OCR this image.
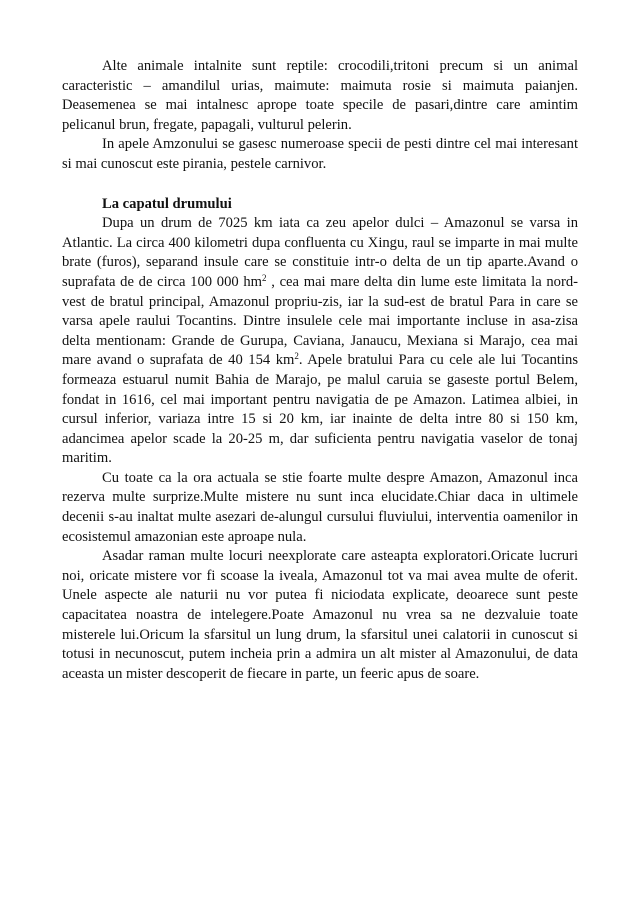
Alte animale intalnite sunt reptile: crocodili,tritoni precum si un animal caracteristic – amandilul urias, maimute: maimuta rosie si maimuta paianjen. Deasemenea se mai intalnesc aprope toate specile de pasari,dintre care amintim pelicanul brun, fregate, papagali, vulturul pelerin.

In apele Amzonului se gasesc numeroase specii de pesti dintre cel mai interesant si mai cunoscut este pirania, pestele carnivor.

La capatul drumului

Dupa un drum de 7025 km iata ca zeu apelor dulci – Amazonul se varsa in Atlantic. La circa 400 kilometri dupa confluenta cu Xingu, raul se imparte in mai multe brate (furos), separand insule care se constituie intr-o delta de un tip aparte.Avand o suprafata de de circa 100 000 $hm^2$ , cea mai mare delta din lume este limitata la nord-vest de bratul principal, Amazonul propriu-zis, iar la sud-est de bratul Para in care se varsa apele raului Tocantins. Dintre insulele cele mai importante incluse in asa-zisa delta mentionam: Grande de Gurupa, Caviana, Janaucu, Mexiana si Marajo, cea mai mare avand o suprafata de 40 154 $km^2$. Apele bratului Para cu cele ale lui Tocantins formeaza estuarul numit Bahia de Marajo, pe malul caruia se gaseste portul Belem, fondat in 1616, cel mai important pentru navigatia de pe Amazon. Latimea albiei, in cursul inferior, variaza intre 15 si 20 km, iar inainte de delta intre 80 si 150 km, adancimea apelor scade la 20-25 m, dar suficienta pentru navigatia vaselor de tonaj maritim.

Cu toate ca la ora actuala se stie foarte multe despre Amazon, Amazonul inca rezerva multe surprize.Multe mistere nu sunt inca elucidate.Chiar daca in ultimele decenii s-au inaltat multe asezari de-alungul cursului fluviului, interventia oamenilor in ecosistemul amazonian este aproape nula.

Asadar raman multe locuri neexplorate care asteapta exploratori.Oricate lucruri noi, oricate mistere vor fi scoase la iveala, Amazonul tot va mai avea multe de oferit. Unele aspecte ale naturii nu vor putea fi niciodata explicate, deoarece sunt peste capacitatea noastra de intelegere.Poate Amazonul nu vrea sa ne dezvaluie toate misterele lui.Oricum la sfarsitul un lung drum, la sfarsitul unei calatorii in cunoscut si totusi in necunoscut, putem incheia prin a admira un alt mister al Amazonului, de data aceasta un mister descoperit de fiecare in parte, un feeric apus de soare.
